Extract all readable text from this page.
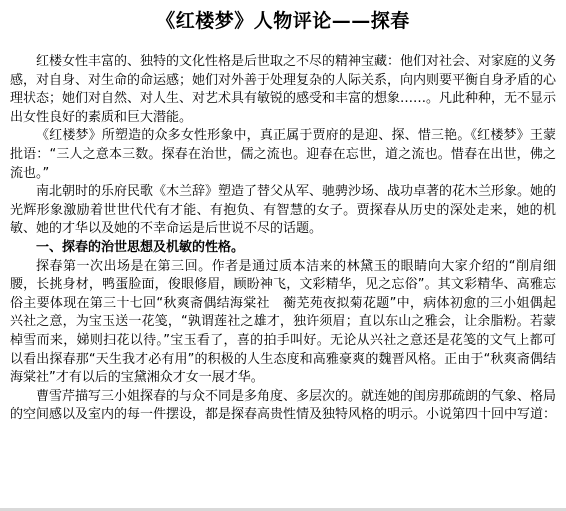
《红楼梦》人物评论——探春

红楼女性丰富的、独特的文化性格是后世取之不尽的精神宝藏：他们对社会、对家庭的义务感，对自身、对生命的命运感；她们对外善于处理复杂的人际关系，向内则要平衡自身矛盾的心理状态；她们对自然、对人生、对艺术具有敏锐的感受和丰富的想象……。凡此种种，无不显示出女性良好的素质和巨大潜能。

《红楼梦》所塑造的众多女性形象中，真正属于贾府的是迎、探、惜三艳。《红楼梦》王蒙批语：“三人之意本三数。探春在治世，儒之流也。迎春在忘世，道之流也。惜春在出世，佛之流也。”

南北朝时的乐府民歌《木兰辞》塑造了替父从军、驰骋沙场、战功卓著的花木兰形象。她的光辉形象激励着世世代代有才能、有抱负、有智慧的女子。贾探春从历史的深处走来，她的机敏、她的才华以及她的不幸命运是后世说不尽的话题。

一、探春的治世思想及机敏的性格。

探春第一次出场是在第三回。作者是通过质本洁来的林黛玉的眼睛向大家介绍的“削肩细腰，长挑身材，鸭蛋脸面，俊眼修眉，顾盼神飞，文彩精华，见之忘俗”。其文彩精华、高雅忘俗主要体现在第三十七回“秋爽斋偶结海棠社　蘅芜苑夜拟菊花题”中，病体初愈的三小姐偶起兴社之意，为宝玉送一花笺，“孰谓莲社之雄才，独许须眉；直以东山之雅会，让余脂粉。若蒙棹雪而来，娣则扫花以待。”宝玉看了，喜的拍手叫好。无论从兴社之意还是花笺的文气上都可以看出探春那“天生我才必有用”的积极的人生态度和高雅豪爽的魏晋风格。正由于“秋爽斋偶结海棠社”才有以后的宝黛湘众才女一展才华。

曹雪芹描写三小姐探春的与众不同是多角度、多层次的。就连她的闺房那疏朗的气象、格局的空间感以及室内的每一件摆设，都是探春高贵性情及独特风格的明示。小说第四十回中写道：
